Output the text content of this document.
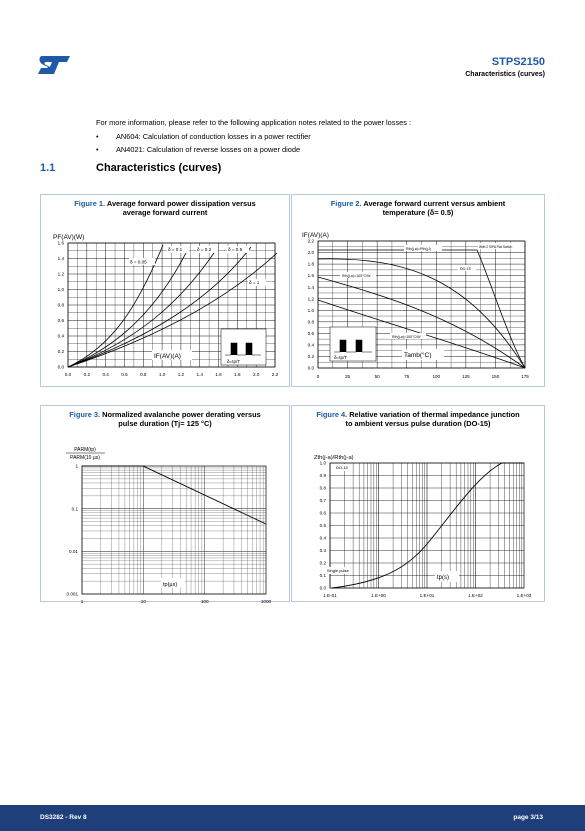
STPS2150
Characteristics (curves)
For more information, please refer to the following application notes related to the power losses :
•	AN604: Calculation of conduction losses in a power rectifier
•	AN4021: Calculation of reverse losses on a power diode
1.1	Characteristics (curves)
Figure 1. Average forward power dissipation versus
average forward current
PF(AV)(W)
1.6
1.4
1.2
1.0
0.8
0.6
0.4
0.2
0.0
0.0	0.2	0.4	0.6	0.8	1.0	1.2	1.4	1.6	1.8	2.0	2.2
δ = 0.05
δ = 0.1	δ = 0.2	δ = 0.5
δ = 1
IF(AV)(A)
δ=tp/T
Figure 2. Average forward current versus ambient
temperature (δ= 0.5)
IF(AV)(A)
2.2
2.0
1.8
1.6
1.4
1.2
1.0
0.8
0.6
0.4
0.2
0.0
0	25	50	75	100	125	150	175
Rth(j-a)=Rth(j-l)
DO-15
Rth(j-a)=100°C/W
Rth(j-a)=100°C/W
With 2 SIPA Flat Switch
δ=tp/T	Tamb(°C)
Figure 3. Normalized avalanche power derating versus
pulse duration (Tj= 125 °C)
PARM(tp)
PARM(10 µs)
1
0.1
0.01
0.001
1	10	100	1000
tp(µs)
Figure 4. Relative variation of thermal impedance junction
to ambient versus pulse duration (DO-15)
Zth(j-a)/Rth(j-a)
1.0
0.9
0.8
0.7
0.6
0.5
0.4
0.3
0.2
0.1
0.0
1.E-01	1.E+00	1.E+01	1.E+02	1.E+03
DO-15
Single pulse
tp(s)
DS3282 - Rev 8	page 3/13
